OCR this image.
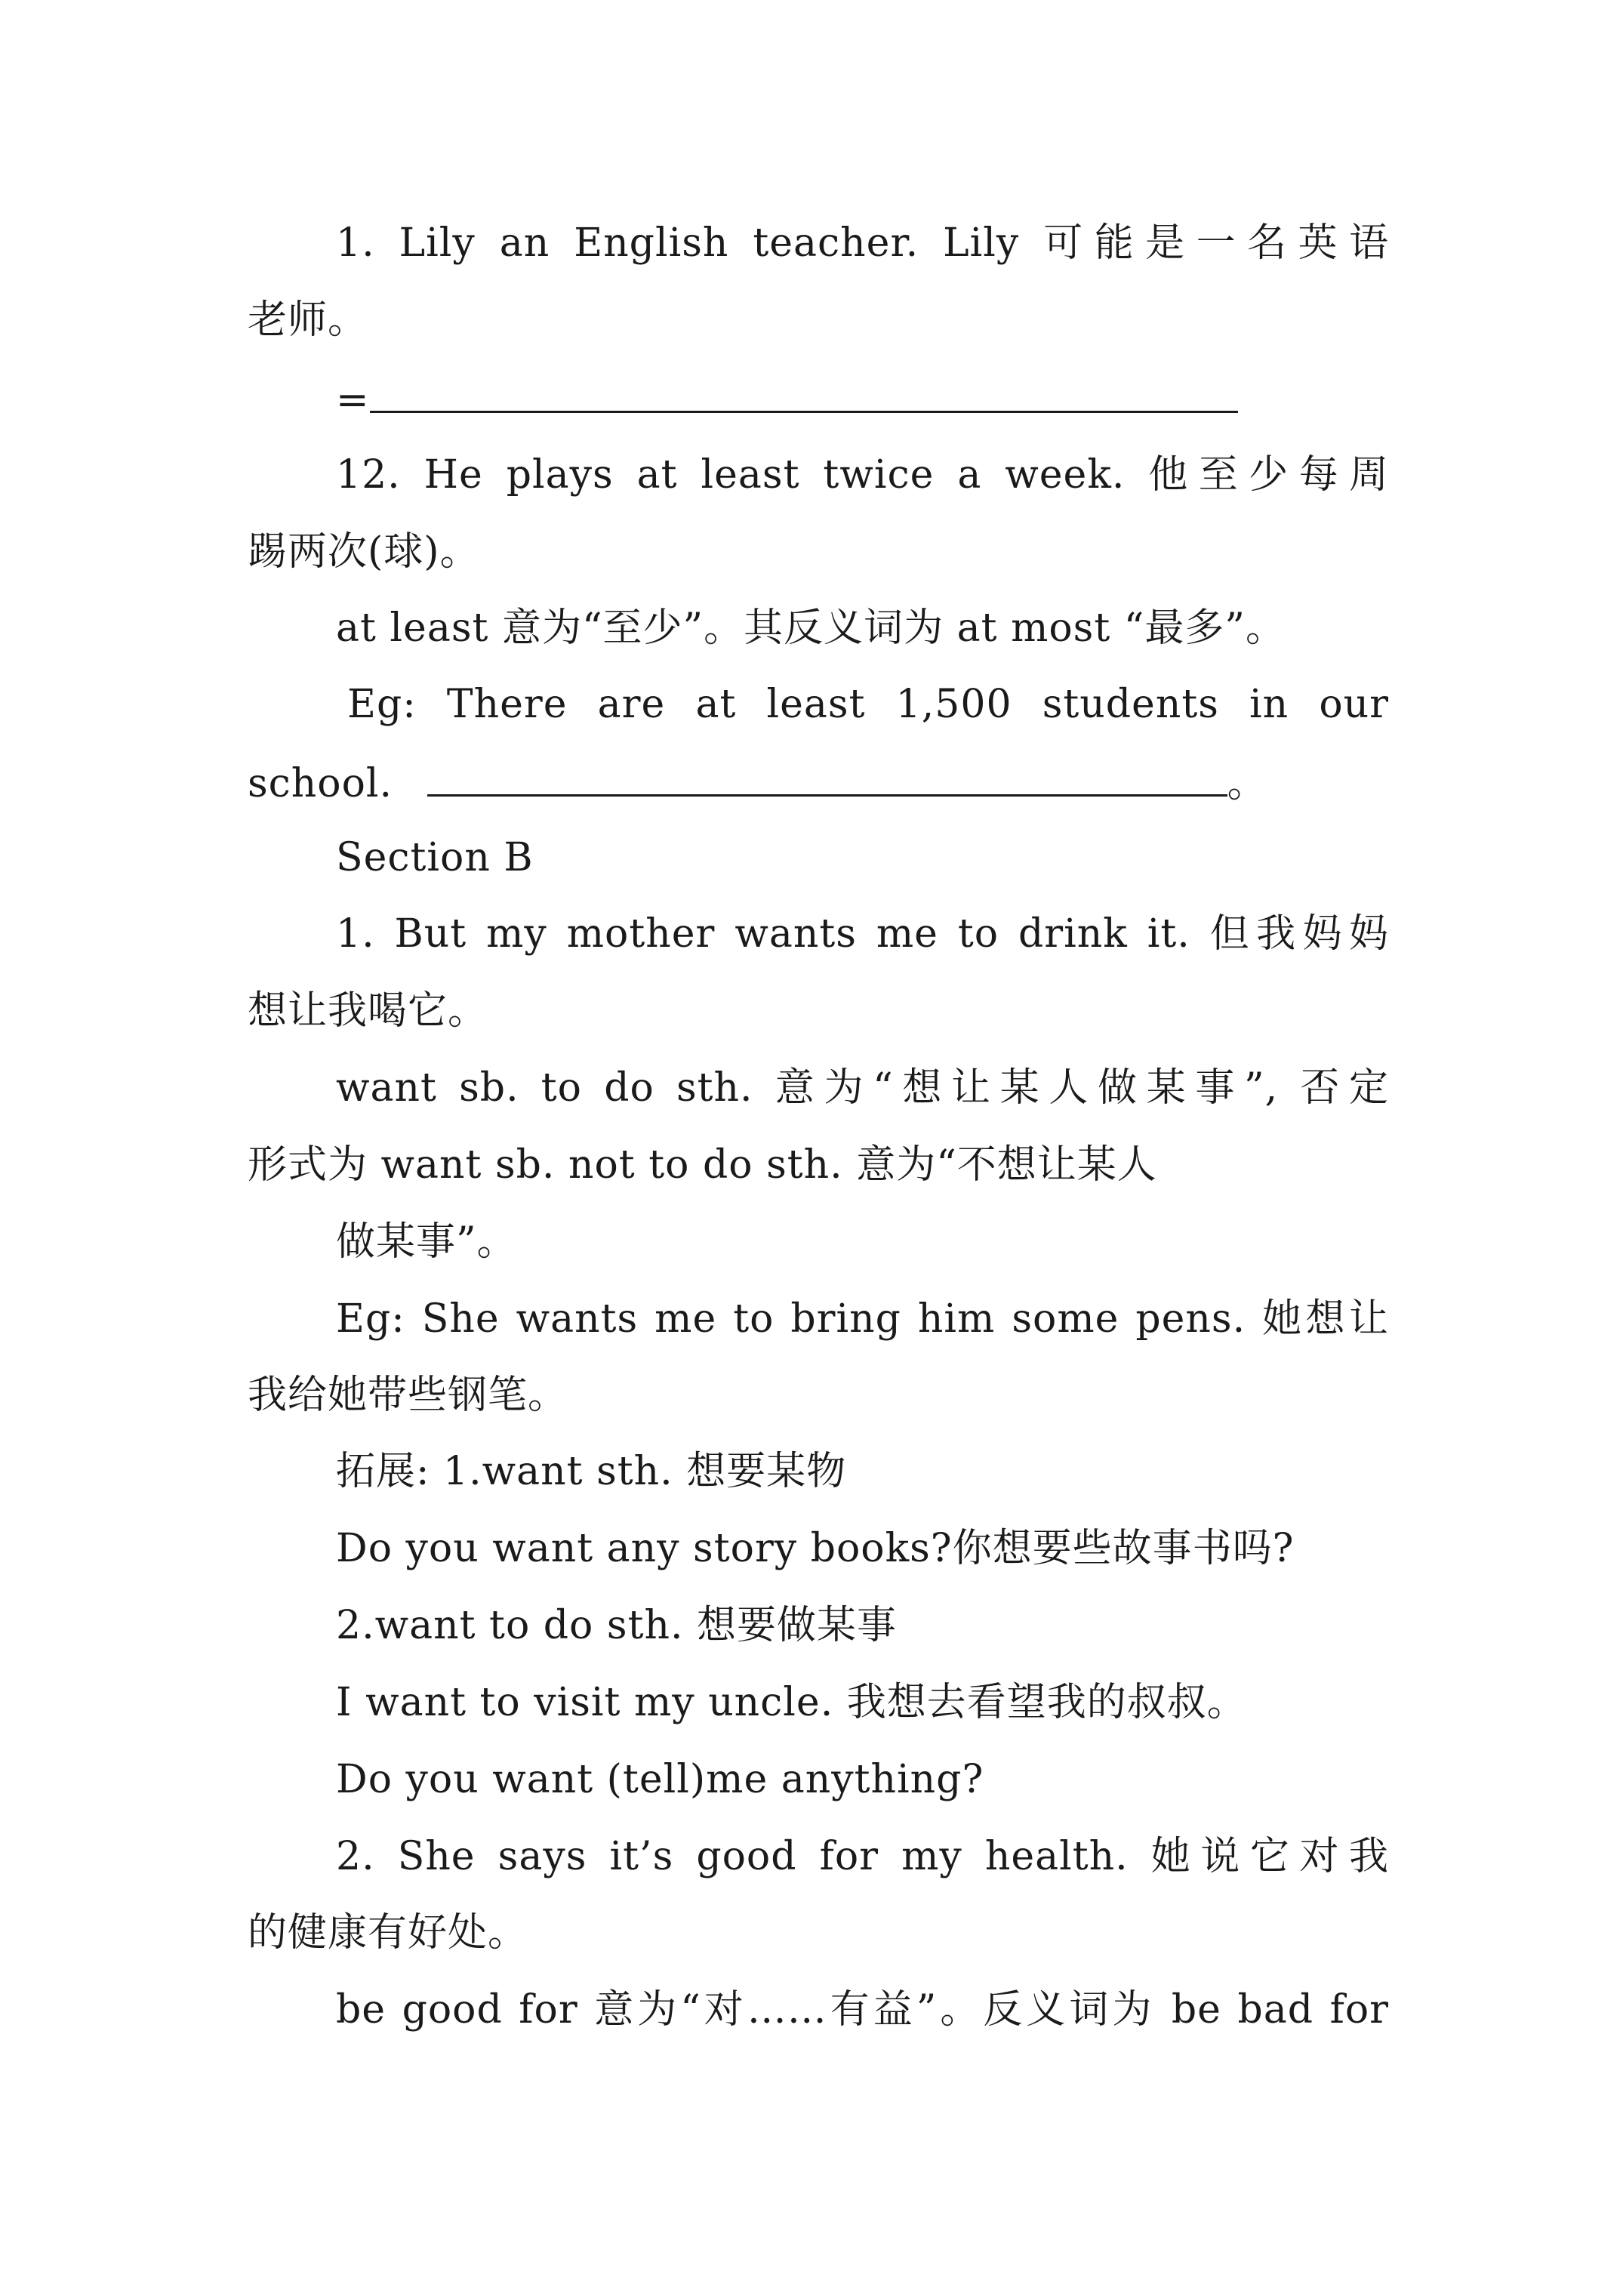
1. Lily an English teacher. Lily 可能是一名英语
老师。
=
12. He plays at least twice a week. 他至少每周
踢两次(球)。
at least 意为“至少”。其反义词为 at most “最多”。
Eg: There are at least 1,500 students in our
school.	。
Section B
1. But my mother wants me to drink it. 但我妈妈
想让我喝它。
want sb. to do sth. 意为“想让某人做某事”, 否定
形式为 want sb. not to do sth. 意为“不想让某人
做某事”。
Eg: She wants me to bring him some pens. 她想让
我给她带些钢笔。
拓展: 1.want sth. 想要某物
Do you want any story books?你想要些故事书吗?
2.want to do sth. 想要做某事
I want to visit my uncle. 我想去看望我的叔叔。
Do you want (tell)me anything?
2. She says it’s good for my health. 她说它对我
的健康有好处。
be good for 意为“对……有益”。反义词为 be bad for
